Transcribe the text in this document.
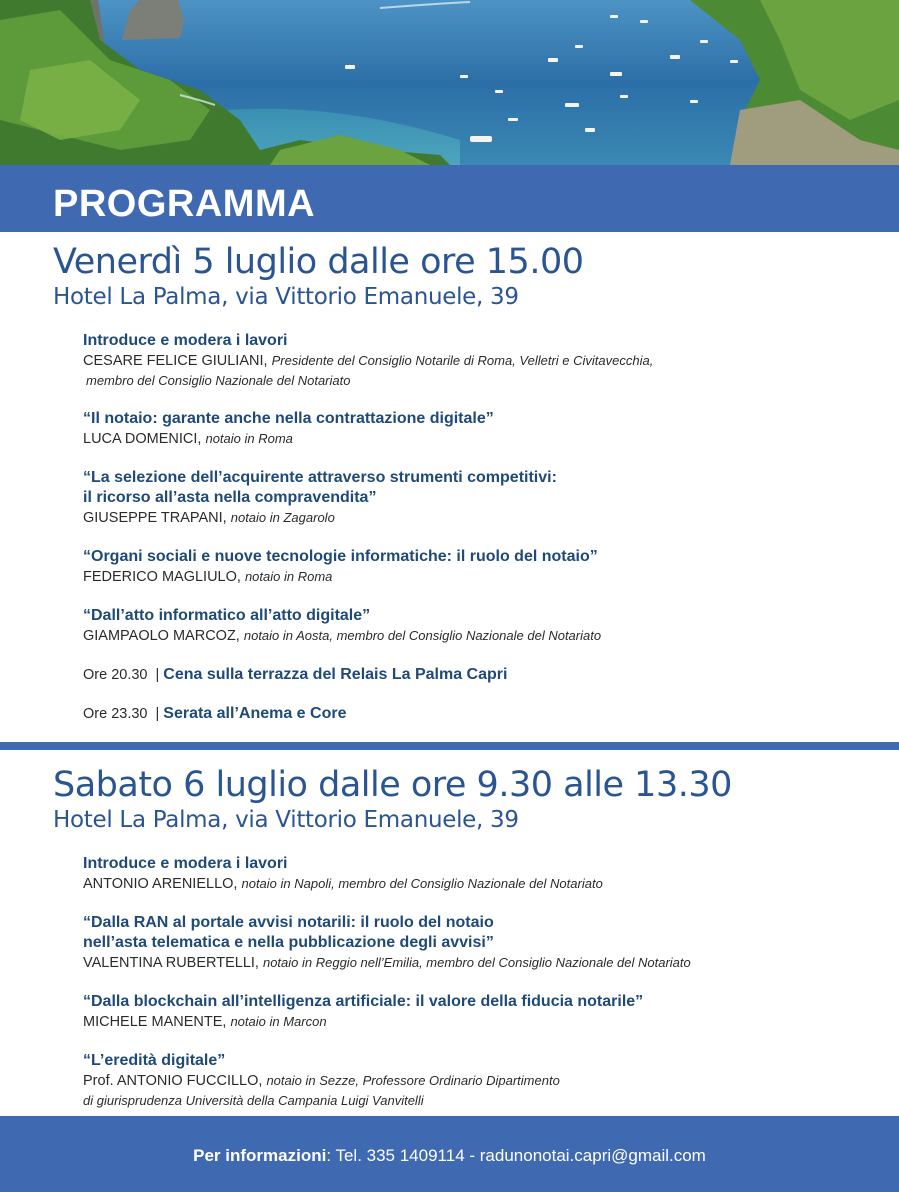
PROGRAMMA
Venerdì 5 luglio dalle ore 15.00
Hotel La Palma, via Vittorio Emanuele, 39
Introduce e modera i lavori
CESARE FELICE GIULIANI, Presidente del Consiglio Notarile di Roma, Velletri e Civitavecchia,
membro del Consiglio Nazionale del Notariato
“Il notaio: garante anche nella contrattazione digitale”
LUCA DOMENICI, notaio in Roma
“La selezione dell’acquirente attraverso strumenti competitivi:
il ricorso all’asta nella compravendita”
GIUSEPPE TRAPANI, notaio in Zagarolo
“Organi sociali e nuove tecnologie informatiche: il ruolo del notaio”
FEDERICO MAGLIULO, notaio in Roma
“Dall’atto informatico all’atto digitale”
GIAMPAOLO MARCOZ, notaio in Aosta, membro del Consiglio Nazionale del Notariato
Ore 20.30 | Cena sulla terrazza del Relais La Palma Capri
Ore 23.30 | Serata all’Anema e Core
Sabato 6 luglio dalle ore 9.30 alle 13.30
Hotel La Palma, via Vittorio Emanuele, 39
Introduce e modera i lavori
ANTONIO ARENIELLO, notaio in Napoli, membro del Consiglio Nazionale del Notariato
“Dalla RAN al portale avvisi notarili: il ruolo del notaio
nell’asta telematica e nella pubblicazione degli avvisi”
VALENTINA RUBERTELLI, notaio in Reggio nell’Emilia, membro del Consiglio Nazionale del Notariato
“Dalla blockchain all’intelligenza artificiale: il valore della fiducia notarile”
MICHELE MANENTE, notaio in Marcon
“L’eredità digitale”
Prof. ANTONIO FUCCILLO, notaio in Sezze, Professore Ordinario Dipartimento
di giurisprudenza Università della Campania Luigi Vanvitelli
Per informazioni: Tel. 335 1409114 - radunonotai.capri@gmail.com
